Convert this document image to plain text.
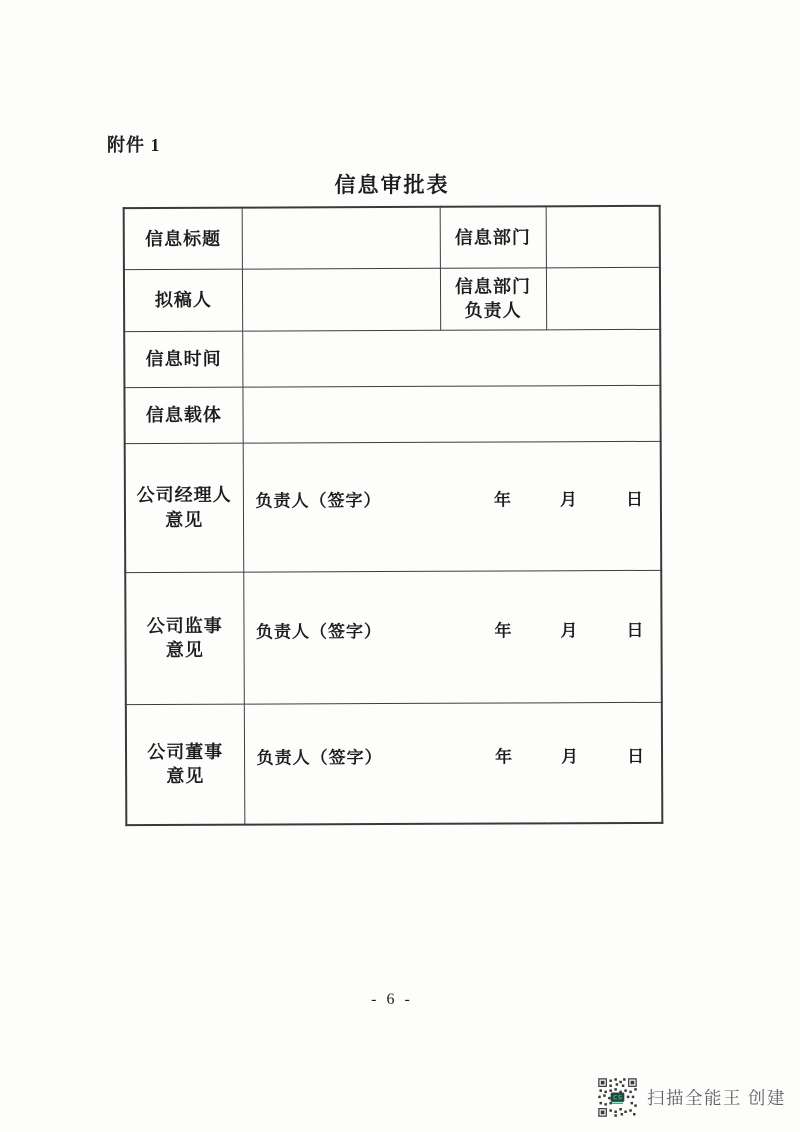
附件 1
信息审批表
信息标题		信息部门	
拟稿人		信息部门
负责人	

信息时间			
信息载体			

公司经理人
意见	负责人（签字） 年 月 日		

公司监事
意见	负责人（签字） 年 月 日		

公司董事
意见	负责人（签字） 年 月 日		
- 6 -
CS 扫描全能王 创建
